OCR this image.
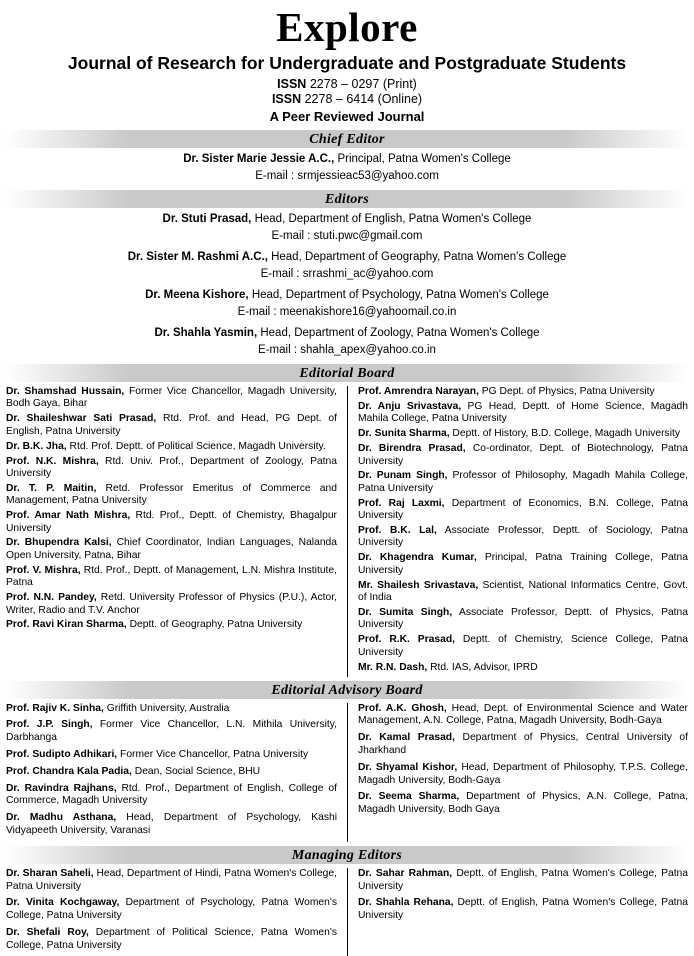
Explore
Journal of Research for Undergraduate and Postgraduate Students
ISSN 2278 – 0297 (Print)
ISSN 2278 – 6414 (Online)
A Peer Reviewed Journal
Chief Editor
Dr. Sister Marie Jessie A.C., Principal, Patna Women's College
E-mail : srmjessieac53@yahoo.com
Editors
Dr. Stuti Prasad, Head, Department of English, Patna Women's College
E-mail : stuti.pwc@gmail.com
Dr. Sister M. Rashmi A.C., Head, Department of Geography, Patna Women's College
E-mail : srrashmi_ac@yahoo.com
Dr. Meena Kishore, Head, Department of Psychology, Patna Women's College
E-mail : meenakishore16@yahoomail.co.in
Dr. Shahla Yasmin, Head, Department of Zoology, Patna Women's College
E-mail : shahla_apex@yahoo.co.in
Editorial Board
Dr. Shamshad Hussain, Former Vice Chancellor, Magadh University, Bodh Gaya, Bihar
Dr. Shaileshwar Sati Prasad, Rtd. Prof. and Head, PG Dept. of English, Patna University
Dr. B.K. Jha, Rtd. Prof. Deptt. of Political Science, Magadh University.
Prof. N.K. Mishra, Rtd. Univ. Prof., Department of Zoology, Patna University
Dr. T. P. Maitin, Retd. Professor Emeritus of Commerce and Management, Patna University
Prof. Amar Nath Mishra, Rtd. Prof., Deptt. of Chemistry, Bhagalpur University
Dr. Bhupendra Kalsi, Chief Coordinator, Indian Languages, Nalanda Open University, Patna, Bihar
Prof. V. Mishra, Rtd. Prof., Deptt. of Management, L.N. Mishra Institute, Patna
Prof. N.N. Pandey, Retd. University Professor of Physics (P.U.), Actor, Writer, Radio and T.V. Anchor
Prof. Ravi Kiran Sharma, Deptt. of Geography, Patna University
Prof. Amrendra Narayan, PG Dept. of Physics, Patna University
Dr. Anju Srivastava, PG Head, Deptt. of Home Science, Magadh Mahila College, Patna University
Dr. Sunita Sharma, Deptt. of History, B.D. College, Magadh University
Dr. Birendra Prasad, Co-ordinator, Dept. of Biotechnology, Patna University
Dr. Punam Singh, Professor of Philosophy, Magadh Mahila College, Patna University
Prof. Raj Laxmi, Department of Economics, B.N. College, Patna University
Prof. B.K. Lal, Associate Professor, Deptt. of Sociology, Patna University
Dr. Khagendra Kumar, Principal, Patna Training College, Patna University
Mr. Shailesh Srivastava, Scientist, National Informatics Centre, Govt. of India
Dr. Sumita Singh, Associate Professor, Deptt. of Physics, Patna University
Prof. R.K. Prasad, Deptt. of Chemistry, Science College, Patna University
Mr. R.N. Dash, Rtd. IAS, Advisor, IPRD
Editorial Advisory Board
Prof. Rajiv K. Sinha, Griffith University, Australia
Prof. J.P. Singh, Former Vice Chancellor, L.N. Mithila University, Darbhanga
Prof. Sudipto Adhikari, Former Vice Chancellor, Patna University
Prof. Chandra Kala Padia, Dean, Social Science, BHU
Dr. Ravindra Rajhans, Rtd. Prof., Department of English, College of Commerce, Magadh University
Dr. Madhu Asthana, Head, Department of Psychology, Kashi Vidyapeeth University, Varanasi
Prof. A.K. Ghosh, Head, Dept. of Environmental Science and Water Management, A.N. College, Patna, Magadh University, Bodh-Gaya
Dr. Kamal Prasad, Department of Physics, Central University of Jharkhand
Dr. Shyamal Kishor, Head, Department of Philosophy, T.P.S. College, Magadh University, Bodh-Gaya
Dr. Seema Sharma, Department of Physics, A.N. College, Patna, Magadh University, Bodh Gaya
Managing Editors
Dr. Sharan Saheli, Head, Department of Hindi, Patna Women's College, Patna University
Dr. Vinita Kochgaway, Department of Psychology, Patna Women's College, Patna University
Dr. Shefali Roy, Department of Political Science, Patna Women's College, Patna University
Dr. Sahar Rahman, Deptt. of English, Patna Women's College, Patna University
Dr. Shahla Rehana, Deptt. of English, Patna Women's College, Patna University
